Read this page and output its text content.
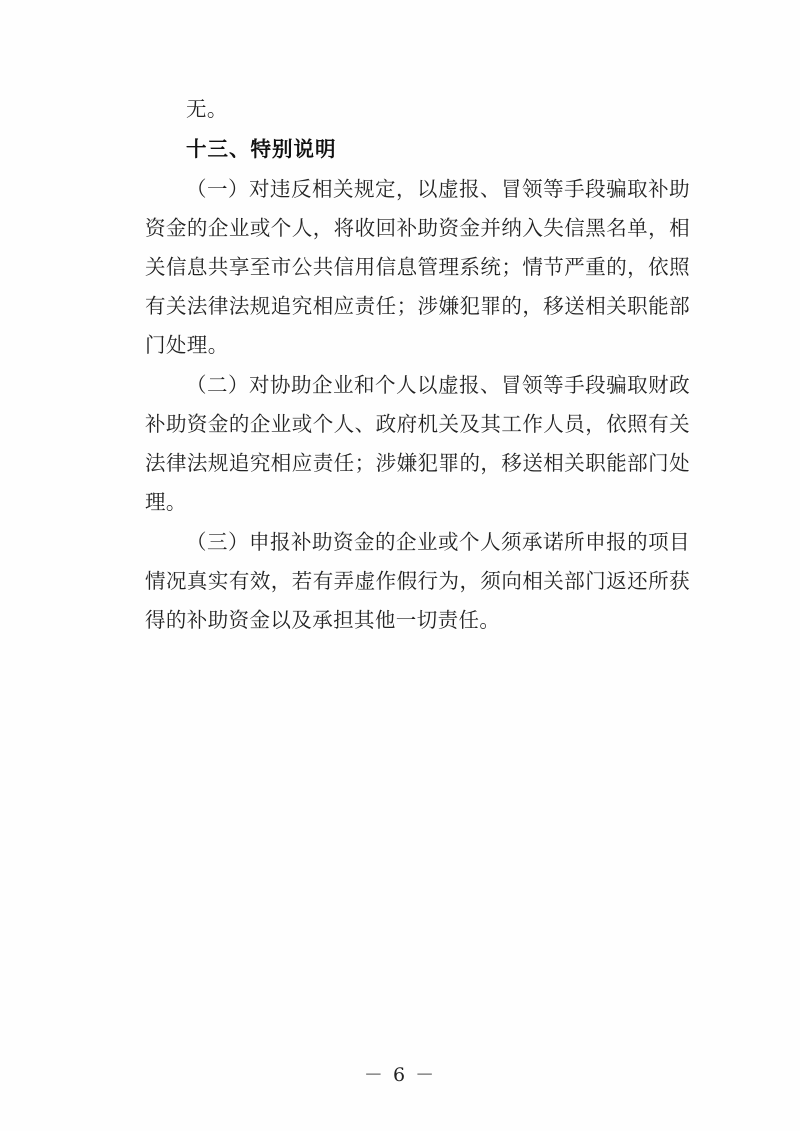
无。

十三、特别说明

（一）对违反相关规定，以虚报、冒领等手段骗取补助资金的企业或个人，将收回补助资金并纳入失信黑名单，相关信息共享至市公共信用信息管理系统；情节严重的，依照有关法律法规追究相应责任；涉嫌犯罪的，移送相关职能部门处理。

（二）对协助企业和个人以虚报、冒领等手段骗取财政补助资金的企业或个人、政府机关及其工作人员，依照有关法律法规追究相应责任；涉嫌犯罪的，移送相关职能部门处理。

（三）申报补助资金的企业或个人须承诺所申报的项目情况真实有效，若有弄虚作假行为，须向相关部门返还所获得的补助资金以及承担其他一切责任。

－ 6 －
